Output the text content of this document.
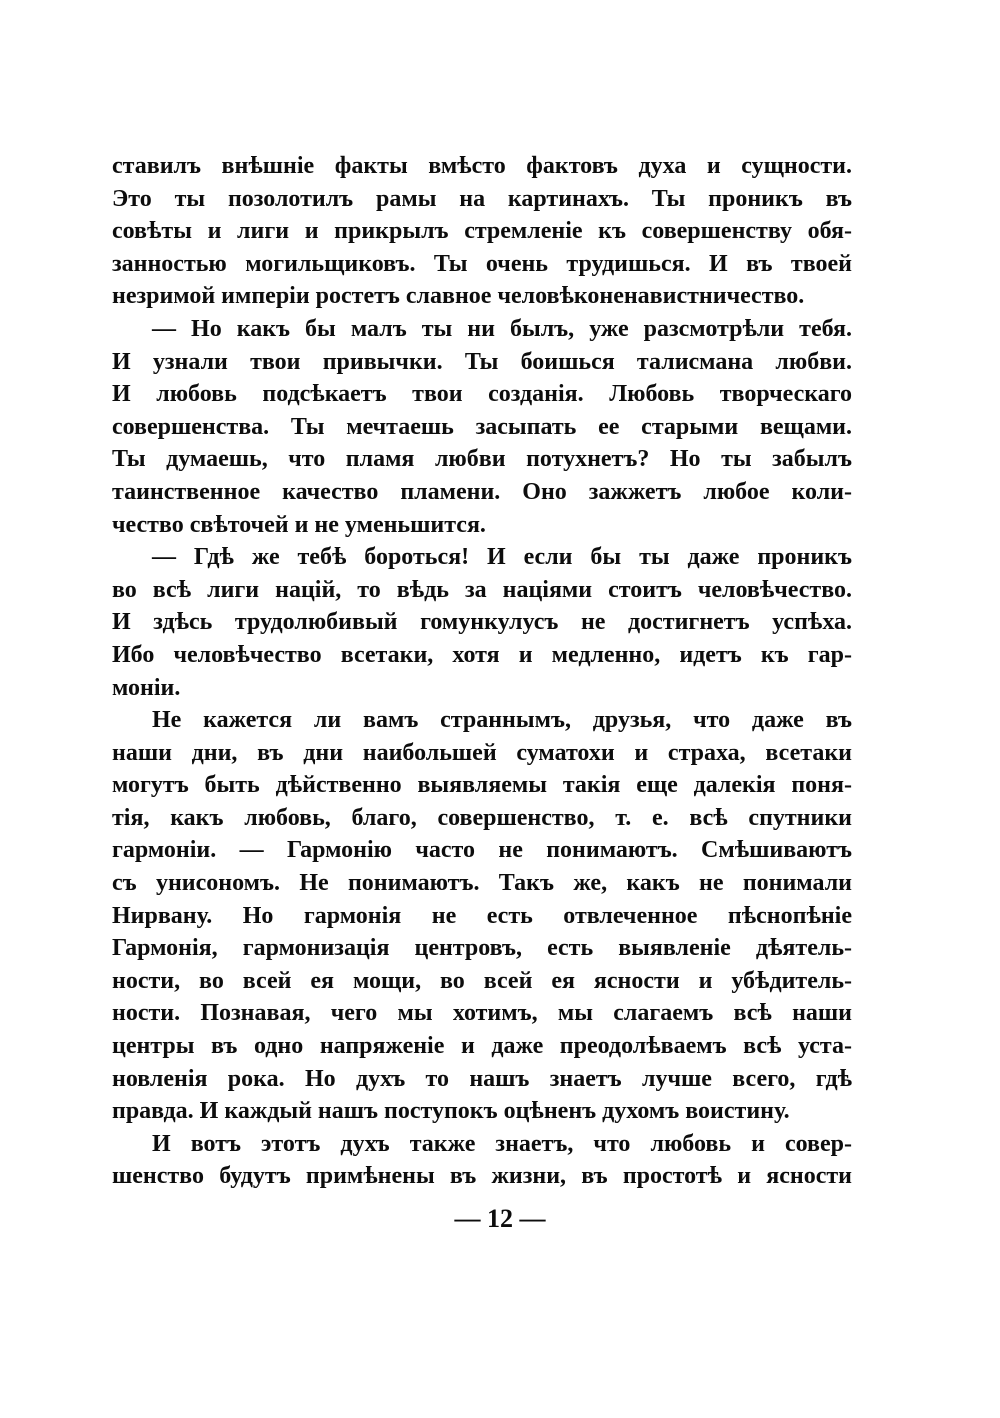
ставилъ внѣшніе факты вмѣсто фактовъ духа и сущности.
Это ты позолотилъ рамы на картинахъ. Ты проникъ въ
совѣты и лиги и прикрылъ стремленіе къ совершенству обя-
занностью могильщиковъ. Ты очень трудишься. И въ твоей
незримой имперіи ростетъ славное человѣконенавистничество.
— Но какъ бы малъ ты ни былъ, уже разсмотрѣли тебя.
И узнали твои привычки. Ты боишься талисмана любви.
И любовь подсѣкаетъ твои созданія. Любовь творческаго
совершенства. Ты мечтаешь засыпать ее старыми вещами.
Ты думаешь, что пламя любви потухнетъ? Но ты забылъ
таинственное качество пламени. Оно зажжетъ любое коли-
чество свѣточей и не уменьшится.
— Гдѣ же тебѣ бороться! И если бы ты даже проникъ
во всѣ лиги націй, то вѣдь за націями стоитъ человѣчество.
И здѣсь трудолюбивый гомункулусъ не достигнетъ успѣха.
Ибо человѣчество всетаки, хотя и медленно, идетъ къ гар-
моніи.
Не кажется ли вамъ страннымъ, друзья, что даже въ
наши дни, въ дни наибольшей суматохи и страха, всетаки
могутъ быть дѣйственно выявляемы такія еще далекія поня-
тія, какъ любовь, благо, совершенство, т. е. всѣ спутники
гармоніи. — Гармонію часто не понимаютъ. Смѣшиваютъ
съ унисономъ. Не понимаютъ. Такъ же, какъ не понимали
Нирвану. Но гармонія не есть отвлеченное пѣснопѣніе
Гармонія, гармонизація центровъ, есть выявленіе дѣятель-
ности, во всей ея мощи, во всей ея ясности и убѣдитель-
ности. Познавая, чего мы хотимъ, мы слагаемъ всѣ наши
центры въ одно напряженіе и даже преодолѣваемъ всѣ уста-
новленія рока. Но духъ то нашъ знаетъ лучше всего, гдѣ
правда. И каждый нашъ поступокъ оцѣненъ духомъ воистину.
И вотъ этотъ духъ также знаетъ, что любовь и совер-
шенство будутъ примѣнены въ жизни, въ простотѣ и ясности
— 12 —
